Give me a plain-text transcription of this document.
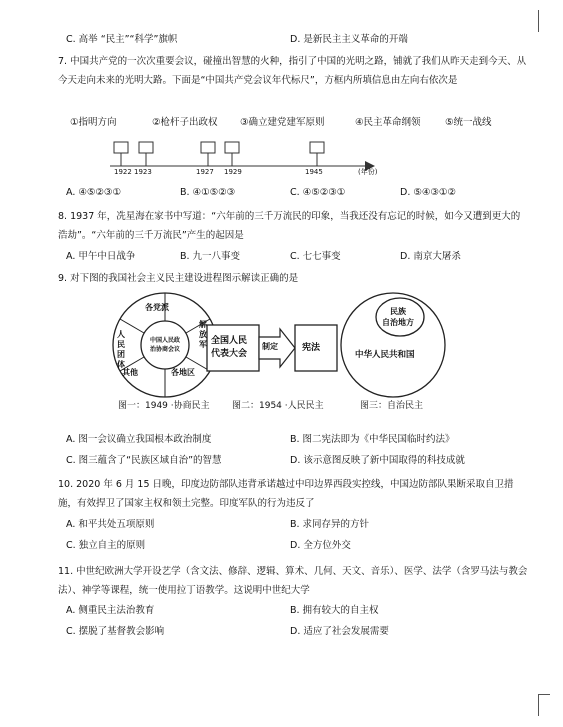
C. 高举 “民主”“科学”旗帜	D. 是新民主主义革命的开端
7. 中国共产党的一次次重要会议，碰撞出智慧的火种，指引了中国的光明之路，铺就了我们从昨天走到今天、从今天走向未来的光明大路。下面是“中国共产党会议年代标尺”，方框内所填信息由左向右依次是
①指明方向	②枪杆子出政权 ③确立建党建军原则	④民主革命纲领	⑤统一战线
1922 1923	1927 1929	1945	(年份)
A. ④⑤②③①	B. ④①⑤②③	C. ④⑤②③①	D. ⑤④③①②
8. 1937 年，冼星海在家书中写道：“六年前的三千万流民的印象，当我还没有忘记的时候，如今又遭到更大的浩劫”。“六年前的三千万流民”产生的起因是
A. 甲午中日战争	B. 九一八事变	C. 七七事变	D. 南京大屠杀
9. 对下图的我国社会主义民主建设进程图示解读正确的是
中国人民政
治协商会议
各党派
人民团体
解放军
其他	各地区
全国人民
代表大会
制定	宪法
民族
自治地方
中华人民共和国
图一：1949 ·协商民主 图二：1954 ·人民民主	图三：自治民主
A. 图一会议确立我国根本政治制度	B. 图二宪法即为《中华民国临时约法》
C. 图三蕴含了“民族区域自治”的智慧	D. 该示意图反映了新中国取得的科技成就
10. 2020 年 6 月 15 日晚，印度边防部队违背承诺越过中印边界西段实控线，中国边防部队果断采取自卫措施，有效捍卫了国家主权和领土完整。印度军队的行为违反了
A. 和平共处五项原则	B. 求同存异的方针
C. 独立自主的原则	D. 全方位外交
11. 中世纪欧洲大学开设艺学（含文法、修辞、逻辑、算术、几何、天文、音乐）、医学、法学（含罗马法与教会法）、神学等课程，统一使用拉丁语教学。这说明中世纪大学
A. 侧重民主法治教育	B. 拥有较大的自主权
C. 摆脱了基督教会影响	D. 适应了社会发展需要
